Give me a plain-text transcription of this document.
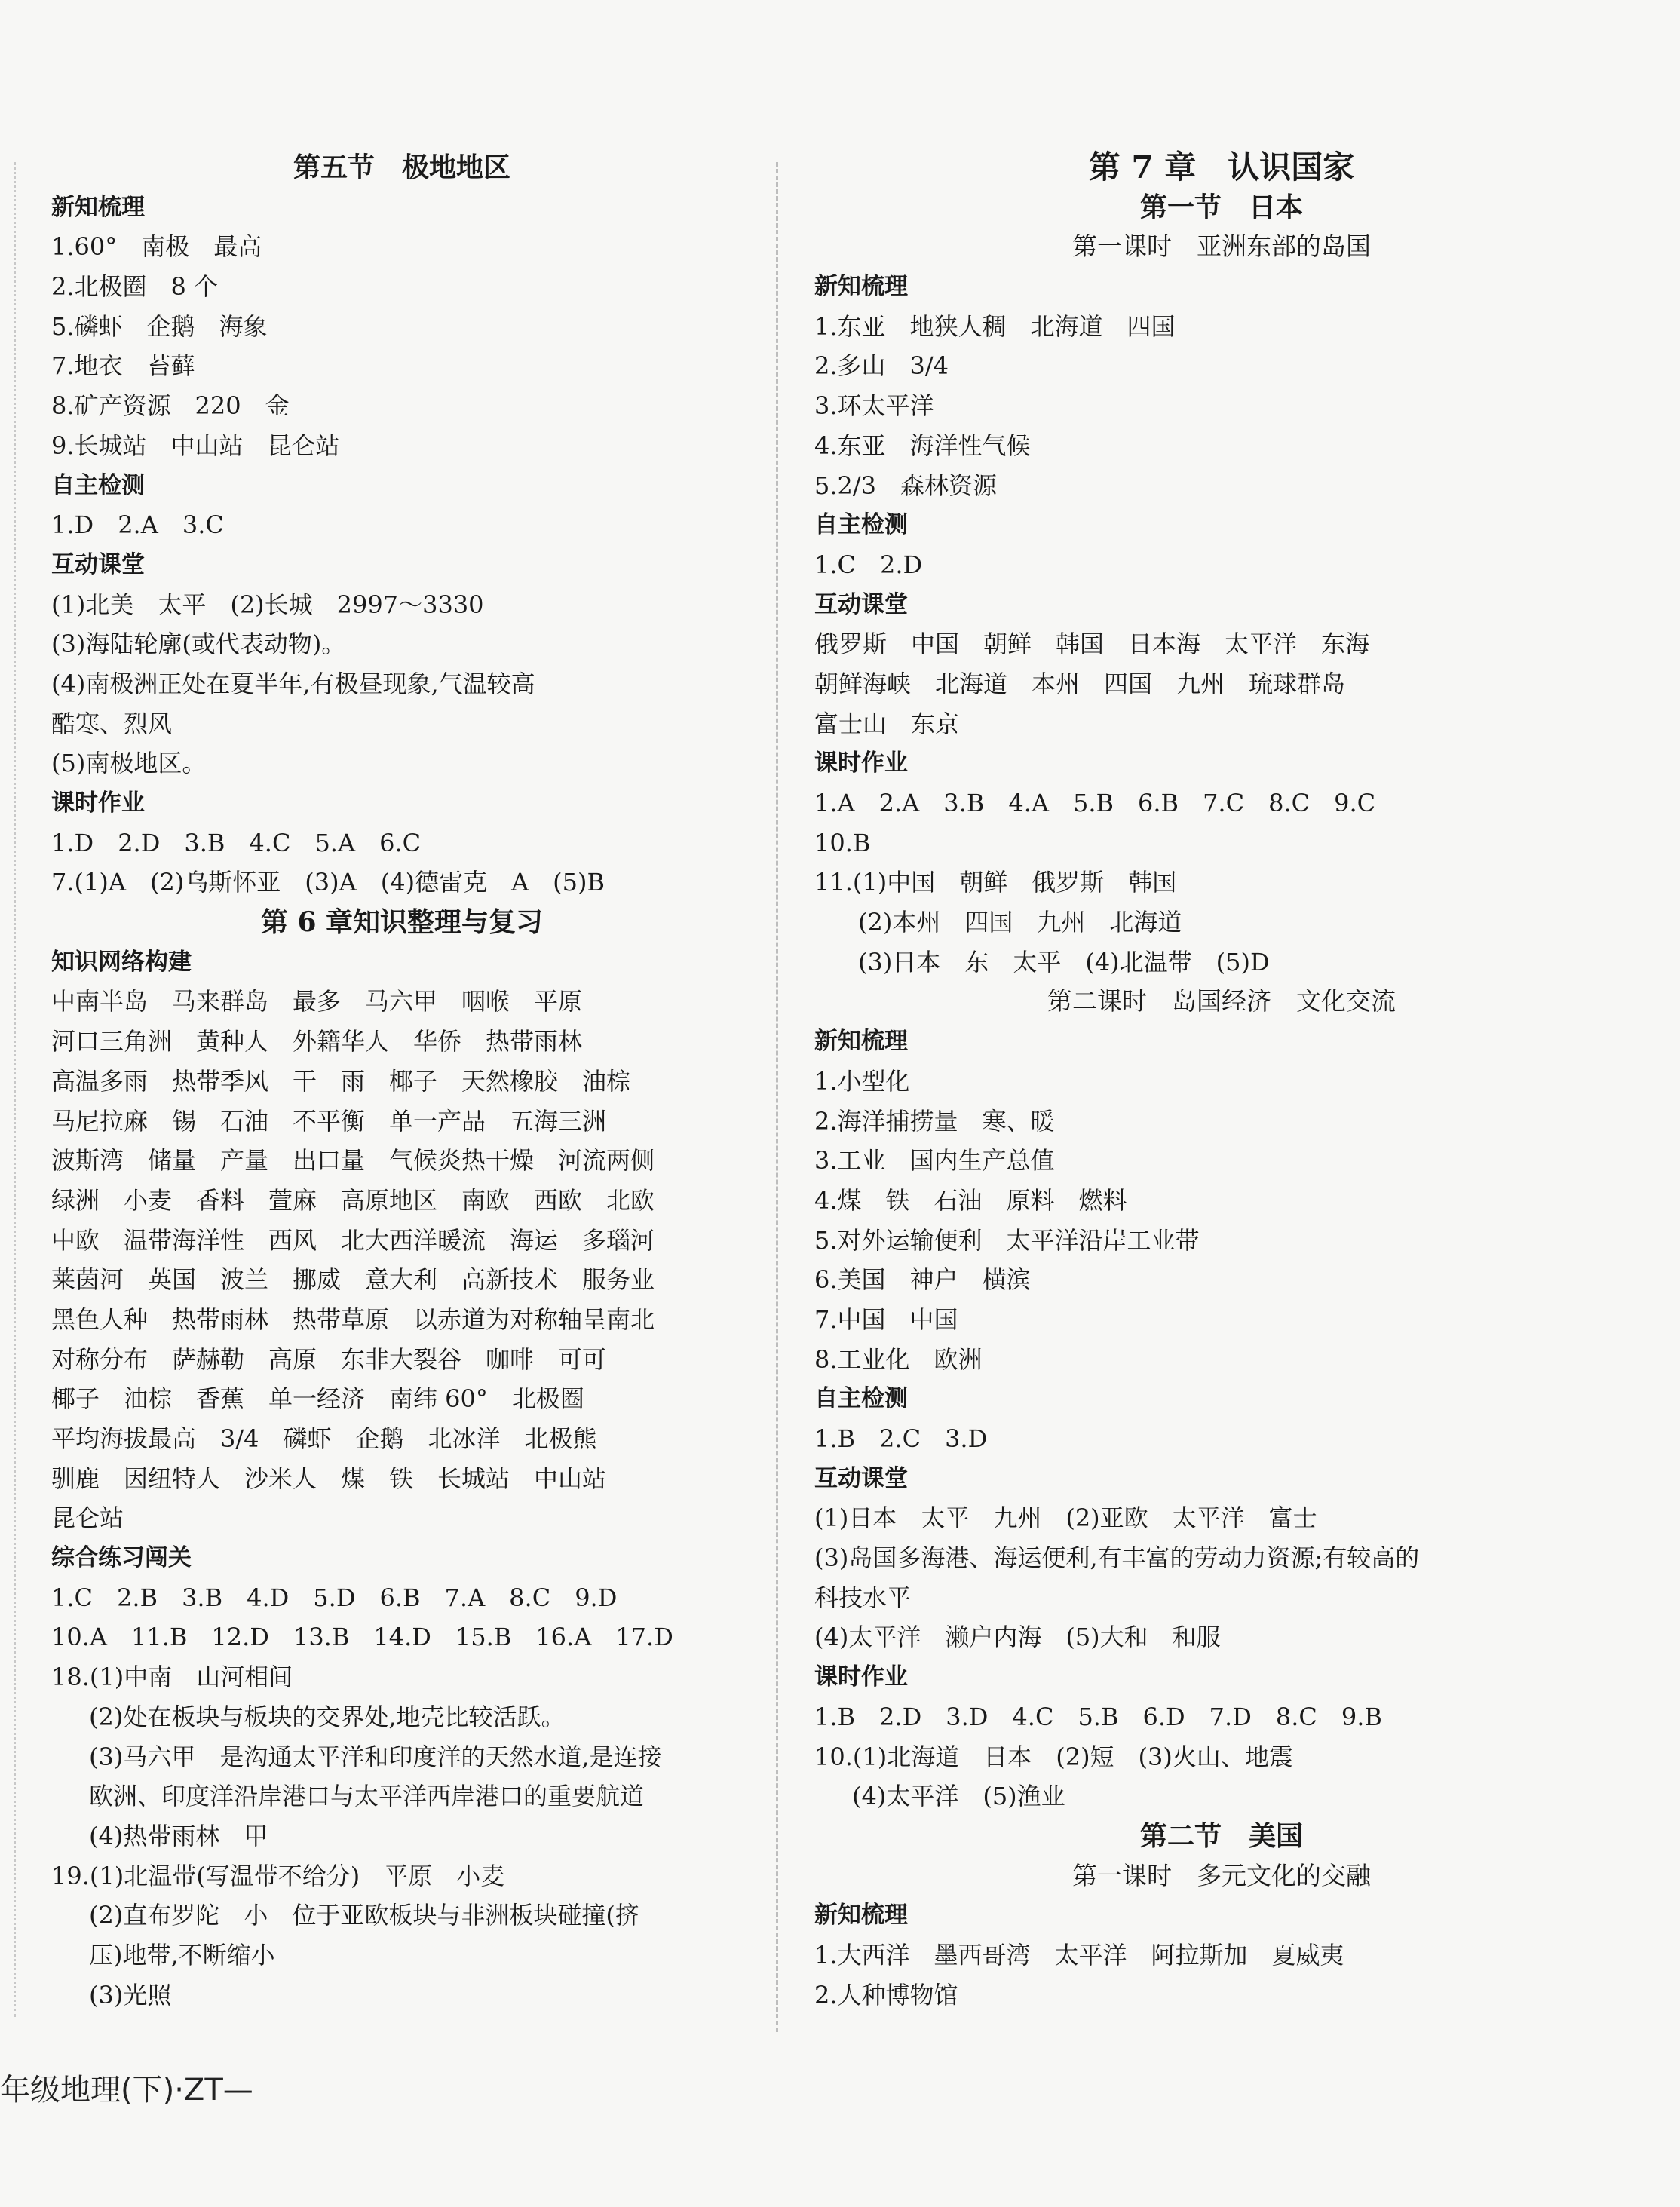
第五节　极地地区
新知梳理
1.60°　南极　最高
2.北极圈　8 个
5.磷虾　企鹅　海象
7.地衣　苔藓
8.矿产资源　220　金
9.长城站　中山站　昆仑站
自主检测
1.D　2.A　3.C
互动课堂
(1)北美　太平　(2)长城　2997～3330
(3)海陆轮廓(或代表动物)。
(4)南极洲正处在夏半年,有极昼现象,气温较高
酷寒、烈风
(5)南极地区。
课时作业
1.D　2.D　3.B　4.C　5.A　6.C
7.(1)A　(2)乌斯怀亚　(3)A　(4)德雷克　A　(5)B
第 6 章知识整理与复习
知识网络构建
中南半岛　马来群岛　最多　马六甲　咽喉　平原
河口三角洲　黄种人　外籍华人　华侨　热带雨林
高温多雨　热带季风　干　雨　椰子　天然橡胶　油棕
马尼拉麻　锡　石油　不平衡　单一产品　五海三洲
波斯湾　储量　产量　出口量　气候炎热干燥　河流两侧
绿洲　小麦　香料　萱麻　高原地区　南欧　西欧　北欧
中欧　温带海洋性　西风　北大西洋暖流　海运　多瑙河
莱茵河　英国　波兰　挪威　意大利　高新技术　服务业
黑色人种　热带雨林　热带草原　以赤道为对称轴呈南北
对称分布　萨赫勒　高原　东非大裂谷　咖啡　可可
椰子　油棕　香蕉　单一经济　南纬 60°　北极圈
平均海拔最高　3/4　磷虾　企鹅　北冰洋　北极熊
驯鹿　因纽特人　沙米人　煤　铁　长城站　中山站
昆仑站
综合练习闯关
1.C　2.B　3.B　4.D　5.D　6.B　7.A　8.C　9.D
10.A　11.B　12.D　13.B　14.D　15.B　16.A　17.D
18.(1)中南　山河相间
(2)处在板块与板块的交界处,地壳比较活跃。
(3)马六甲　是沟通太平洋和印度洋的天然水道,是连接
欧洲、印度洋沿岸港口与太平洋西岸港口的重要航道
(4)热带雨林　甲
19.(1)北温带(写温带不给分)　平原　小麦
(2)直布罗陀　小　位于亚欧板块与非洲板块碰撞(挤
压)地带,不断缩小
(3)光照
第 7 章　认识国家
第一节　日本
第一课时　亚洲东部的岛国
新知梳理
1.东亚　地狭人稠　北海道　四国
2.多山　3/4
3.环太平洋
4.东亚　海洋性气候
5.2/3　森林资源
自主检测
1.C　2.D
互动课堂
俄罗斯　中国　朝鲜　韩国　日本海　太平洋　东海
朝鲜海峡　北海道　本州　四国　九州　琉球群岛
富士山　东京
课时作业
1.A　2.A　3.B　4.A　5.B　6.B　7.C　8.C　9.C
10.B
11.(1)中国　朝鲜　俄罗斯　韩国
(2)本州　四国　九州　北海道
(3)日本　东　太平　(4)北温带　(5)D
第二课时　岛国经济　文化交流
新知梳理
1.小型化
2.海洋捕捞量　寒、暖
3.工业　国内生产总值
4.煤　铁　石油　原料　燃料
5.对外运输便利　太平洋沿岸工业带
6.美国　神户　横滨
7.中国　中国
8.工业化　欧洲
自主检测
1.B　2.C　3.D
互动课堂
(1)日本　太平　九州　(2)亚欧　太平洋　富士
(3)岛国多海港、海运便利,有丰富的劳动力资源;有较高的
科技水平
(4)太平洋　濑户内海　(5)大和　和服
课时作业
1.B　2.D　3.D　4.C　5.B　6.D　7.D　8.C　9.B
10.(1)北海道　日本　(2)短　(3)火山、地震
(4)太平洋　(5)渔业
第二节　美国
第一课时　多元文化的交融
新知梳理
1.大西洋　墨西哥湾　太平洋　阿拉斯加　夏威夷
2.人种博物馆
年级地理(下)·ZT—
